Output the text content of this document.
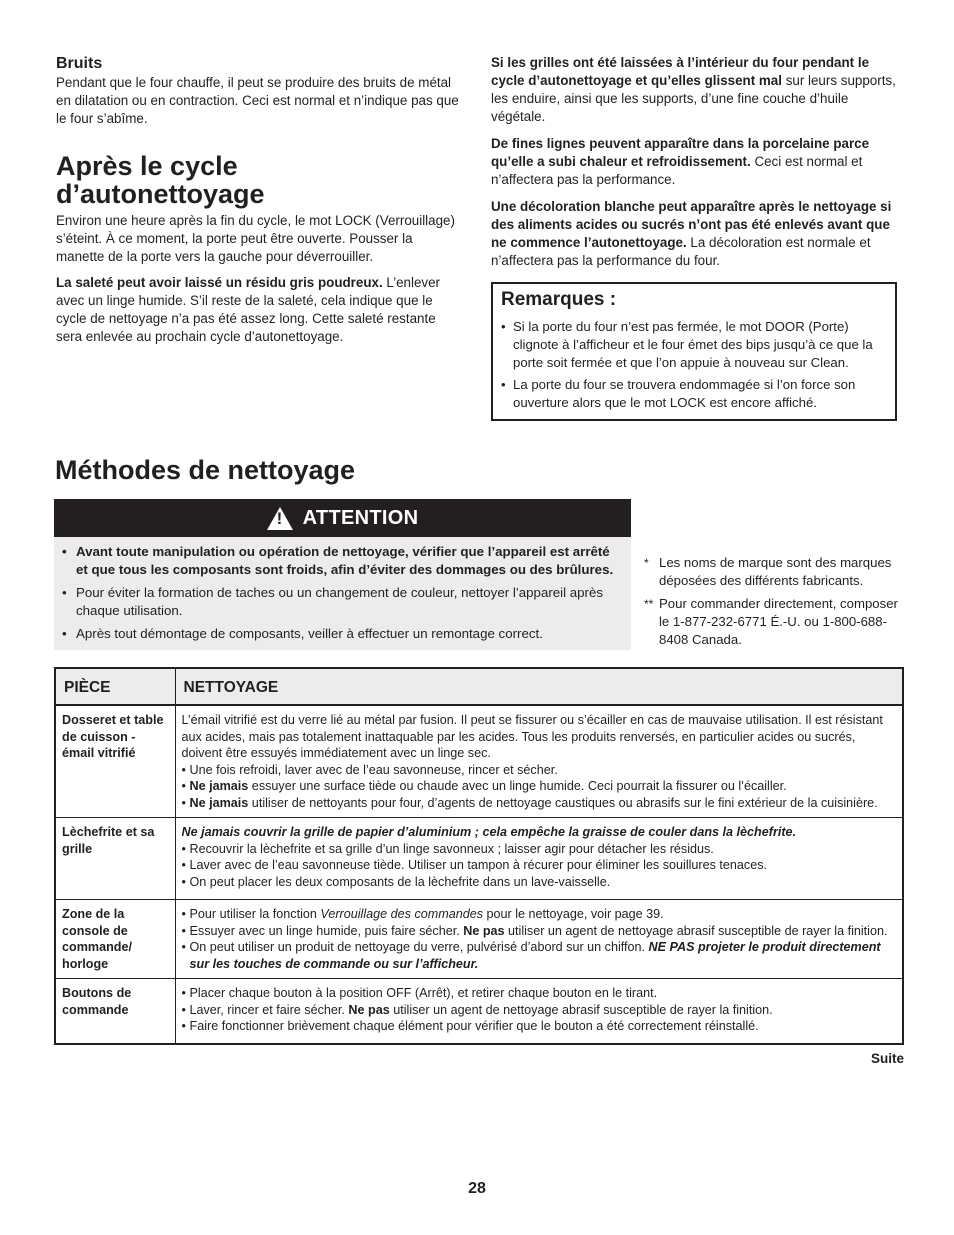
Bruits

Pendant que le four chauffe, il peut se produire des bruits de métal en dilatation ou en contraction. Ceci est normal et n’indique pas que le four s’abîme.

Après le cycle
d’autonettoyage

Environ une heure après la fin du cycle, le mot LOCK (Verrouillage) s’éteint. À ce moment, la porte peut être ouverte. Pousser la manette de la porte vers la gauche pour déverrouiller.

La saleté peut avoir laissé un résidu gris poudreux. L’enlever avec un linge humide. S’il reste de la saleté, cela indique que le cycle de nettoyage n’a pas été assez long. Cette saleté restante sera enlevée au prochain cycle d’autonettoyage.

Si les grilles ont été laissées à l’intérieur du four pendant le cycle d’autonettoyage et qu’elles glissent mal sur leurs supports, les enduire, ainsi que les supports, d’une fine couche d’huile végétale.

De fines lignes peuvent apparaître dans la porcelaine parce qu’elle a subi chaleur et refroidissement. Ceci est normal et n’affectera pas la performance.

Une décoloration blanche peut apparaître après le nettoyage si des aliments acides ou sucrés n’ont pas été enlevés avant que ne commence l’autonettoyage. La décoloration est normale et n’affectera pas la performance du four.

Remarques :

• Si la porte du four n’est pas fermée, le mot DOOR (Porte) clignote à l’afficheur et le four émet des bips jusqu’à ce que la porte soit fermée et que l’on appuie à nouveau sur Clean.
• La porte du four se trouvera endommagée si l’on force son ouverture alors que le mot LOCK est encore affiché.
Méthodes de nettoyage
! ATTENTION
• Avant toute manipulation ou opération de nettoyage, vérifier que l’appareil est arrêté et que tous les composants sont froids, afin d’éviter des dommages ou des brûlures.
• Pour éviter la formation de taches ou un changement de couleur, nettoyer l’appareil après chaque utilisation.
• Après tout démontage de composants, veiller à effectuer un remontage correct.
* Les noms de marque sont des marques déposées des différents fabricants.
** Pour commander directement, composer le 1-877-232-6771 É.-U. ou 1-800-688-8408 Canada.
PIÈCE	NETTOYAGE
Dosseret et table de cuisson - émail vitrifié	L’émail vitrifié est du verre lié au métal par fusion. Il peut se fissurer ou s’écailler en cas de mauvaise utilisation. Il est résistant aux acides, mais pas totalement inattaquable par les acides. Tous les produits renversés, en particulier acides ou sucrés, doivent être essuyés immédiatement avec un linge sec.

• Une fois refroidi, laver avec de l’eau savonneuse, rincer et sécher.

• Ne jamais essuyer une surface tiède ou chaude avec un linge humide. Ceci pourrait la fissurer ou l’écailler.

• Ne jamais utiliser de nettoyants pour four, d’agents de nettoyage caustiques ou abrasifs sur le fini extérieur de la cuisinière.

Lèchefrite et sa grille	Ne jamais couvrir la grille de papier d’aluminium ; cela empêche la graisse de couler dans la lèchefrite.

• Recouvrir la lèchefrite et sa grille d’un linge savonneux ; laisser agir pour détacher les résidus.

• Laver avec de l’eau savonneuse tiède. Utiliser un tampon à récurer pour éliminer les souillures tenaces.

• On peut placer les deux composants de la lèchefrite dans un lave-vaisselle.

Zone de la console de commande/ horloge	• Pour utiliser la fonction Verrouillage des commandes pour le nettoyage, voir page 39.

• Essuyer avec un linge humide, puis faire sécher. Ne pas utiliser un agent de nettoyage abrasif susceptible de rayer la finition.

• On peut utiliser un produit de nettoyage du verre, pulvérisé d’abord sur un chiffon. NE PAS projeter le produit directement sur les touches de commande ou sur l’afficheur.

Boutons de commande	• Placer chaque bouton à la position OFF (Arrêt), et retirer chaque bouton en le tirant.

• Laver, rincer et faire sécher. Ne pas utiliser un agent de nettoyage abrasif susceptible de rayer la finition.

• Faire fonctionner brièvement chaque élément pour vérifier que le bouton a été correctement réinstallé.

Suite
28
